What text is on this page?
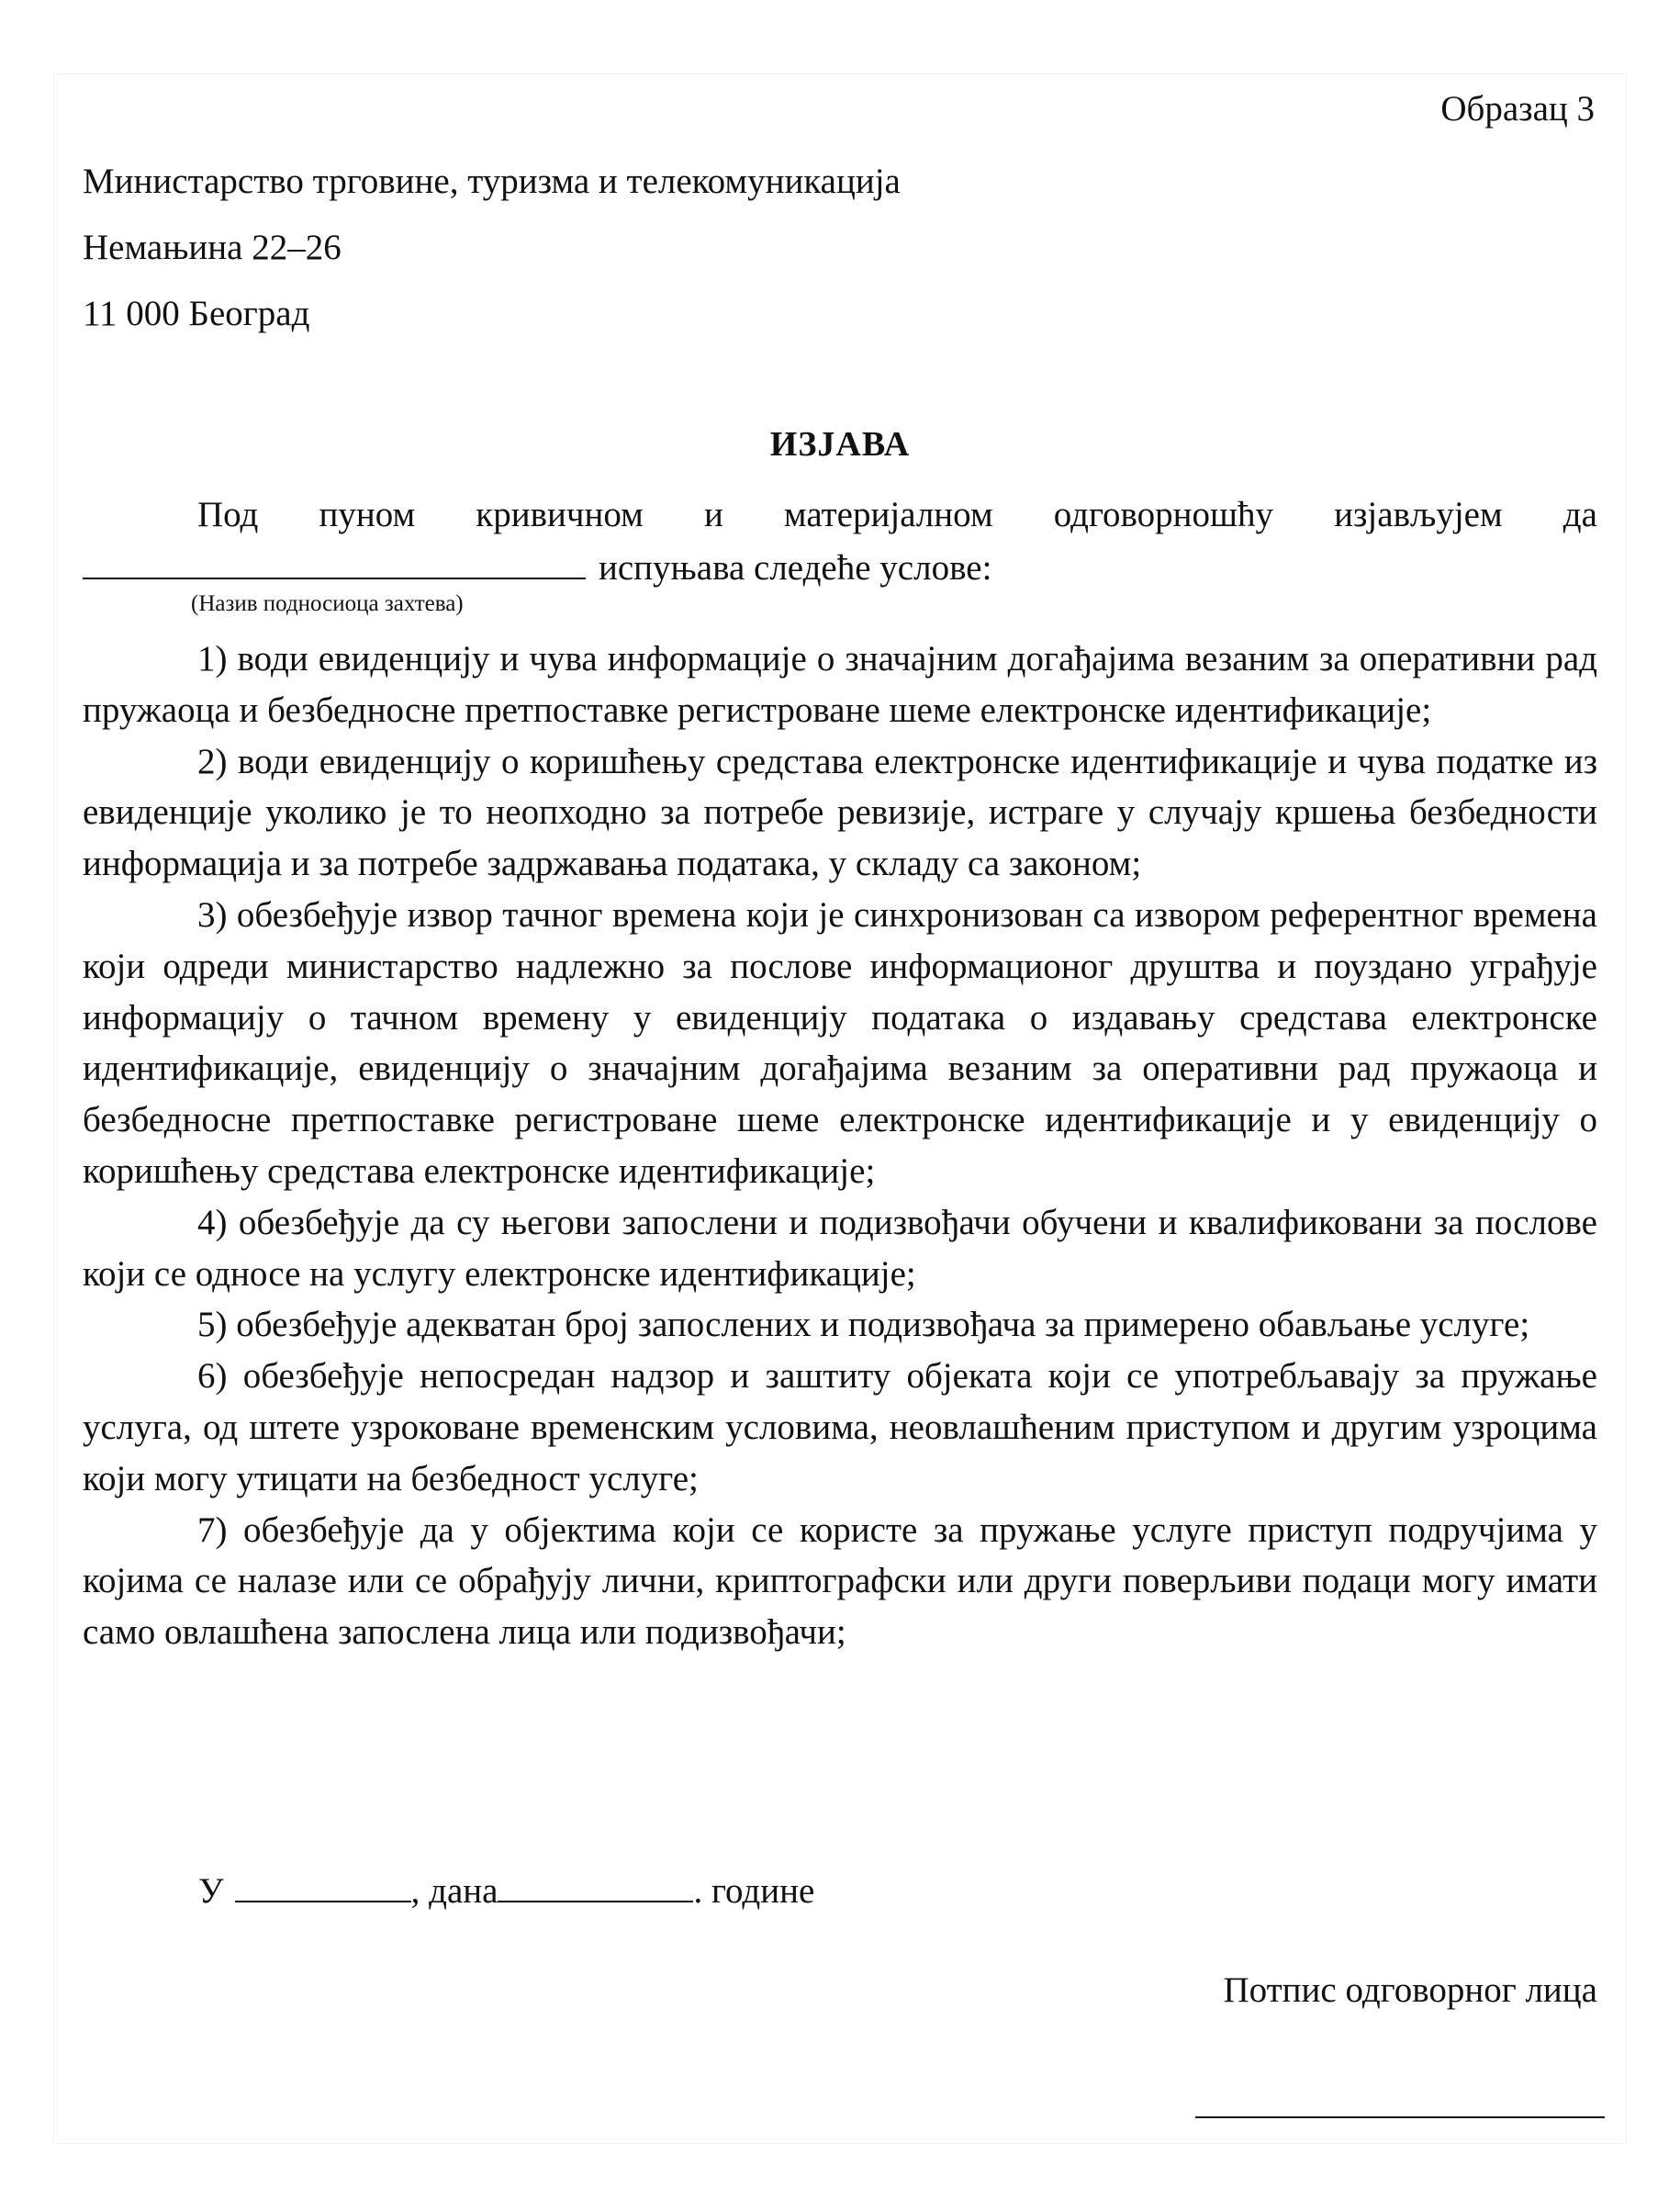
Образац 3
Министарство трговине, туризма и телекомуникација
Немањина 22–26
11 000 Београд
ИЗЈАВА
Под пуном кривичном и материјалном одговорношћу изјављујем да
испуњава следеће услове:
(Назив подносиоца захтева)

1) води евиденцију и чува информације о значајним догађајима везаним за оперативни рад пружаоца и безбедносне претпоставке регистроване шеме електронске идентификације;

2) води евиденцију о коришћењу средстава електронске идентификације и чува податке из евиденције уколико је то неопходно за потребе ревизије, истраге у случају кршења безбедности информација и за потребе задржавања података, у складу са законом;

3) обезбеђује извор тачног времена који је синхронизован са извором референтног времена који одреди министарство надлежно за послове информационог друштва и поуздано уграђује информацију о тачном времену у евиденцију података о издавању средстава електронске идентификације, евиденцију о значајним догађајима везаним за оперативни рад пружаоца и безбедносне претпоставке регистроване шеме електронске идентификације и у евиденцију о коришћењу средстава електронске идентификације;

4) обезбеђује да су његови запослени и подизвођачи обучени и квалификовани за послове који се односе на услугу електронске идентификације;

5) обезбеђује адекватан број запослених и подизвођача за примерено обављање услуге;

6) обезбеђује непосредан надзор и заштиту објеката који се употребљавају за пружање услуга, од штете узроковане временским условима, неовлашћеним приступом и другим узроцима који могу утицати на безбедност услуге;

7) обезбеђује да у објектима који се користе за пружање услуге приступ подручјима у којима се налазе или се обрађују лични, криптографски или други поверљиви подаци могу имати само овлашћена запослена лица или подизвођачи;

У	, дана	. године
Потпис одговорног лица
